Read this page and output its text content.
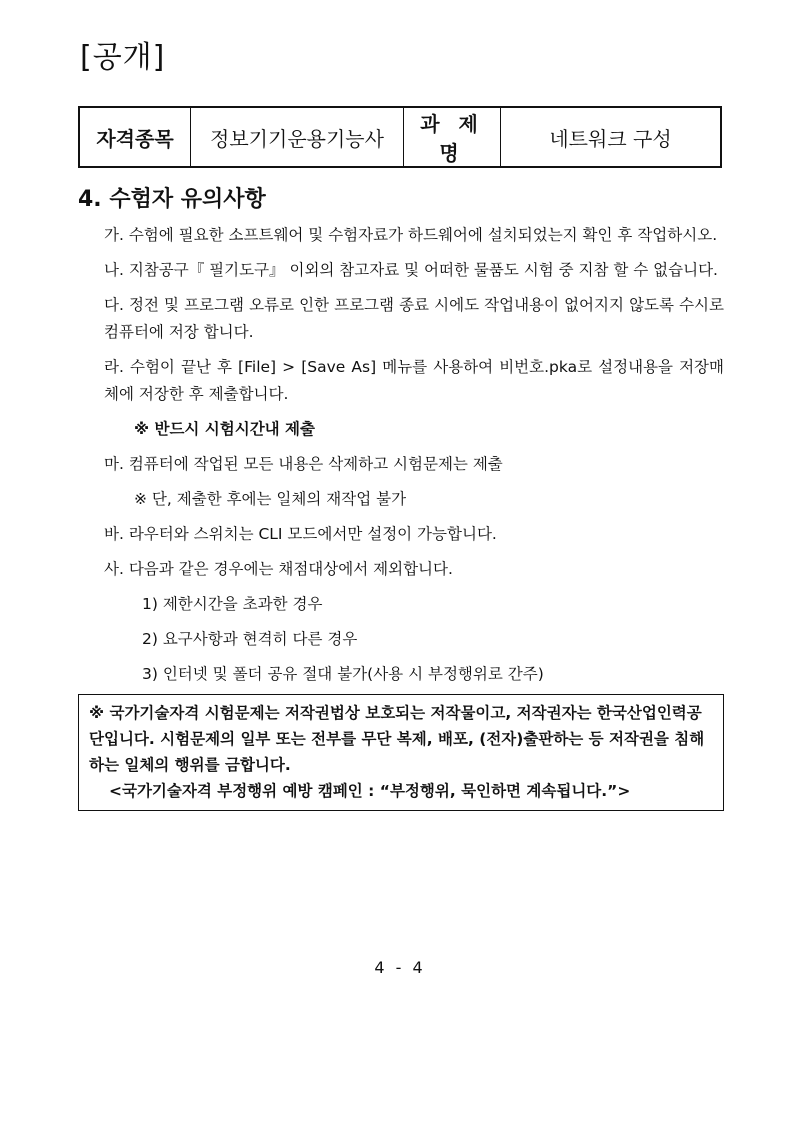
[공개]
자격종목	정보기기운용기능사	과 제 명	네트워크 구성
4. 수험자 유의사항
가. 수험에 필요한 소프트웨어 및 수험자료가 하드웨어에 설치되었는지 확인 후 작업하시오.
나. 지참공구『 필기도구』 이외의 참고자료 및 어떠한 물품도 시험 중 지참 할 수 없습니다.
다. 정전 및 프로그램 오류로 인한 프로그램 종료 시에도 작업내용이 없어지지 않도록 수시로 컴퓨터에 저장 합니다.
라. 수험이 끝난 후 [File] > [Save As] 메뉴를 사용하여 비번호.pka로 설정내용을 저장매체에 저장한 후 제출합니다.
※ 반드시 시험시간내 제출
마. 컴퓨터에 작업된 모든 내용은 삭제하고 시험문제는 제출
※ 단, 제출한 후에는 일체의 재작업 불가
바. 라우터와 스위치는 CLI 모드에서만 설정이 가능합니다.
사. 다음과 같은 경우에는 채점대상에서 제외합니다.
1) 제한시간을 초과한 경우
2) 요구사항과 현격히 다른 경우
3) 인터넷 및 폴더 공유 절대 불가(사용 시 부정행위로 간주)
※ 국가기술자격 시험문제는 저작권법상 보호되는 저작물이고, 저작권자는 한국산업인력공단입니다. 시험문제의 일부 또는 전부를 무단 복제, 배포, (전자)출판하는 등 저작권을 침해하는 일체의 행위를 금합니다.
<국가기술자격 부정행위 예방 캠페인 : “부정행위, 묵인하면 계속됩니다.”>
4 - 4
